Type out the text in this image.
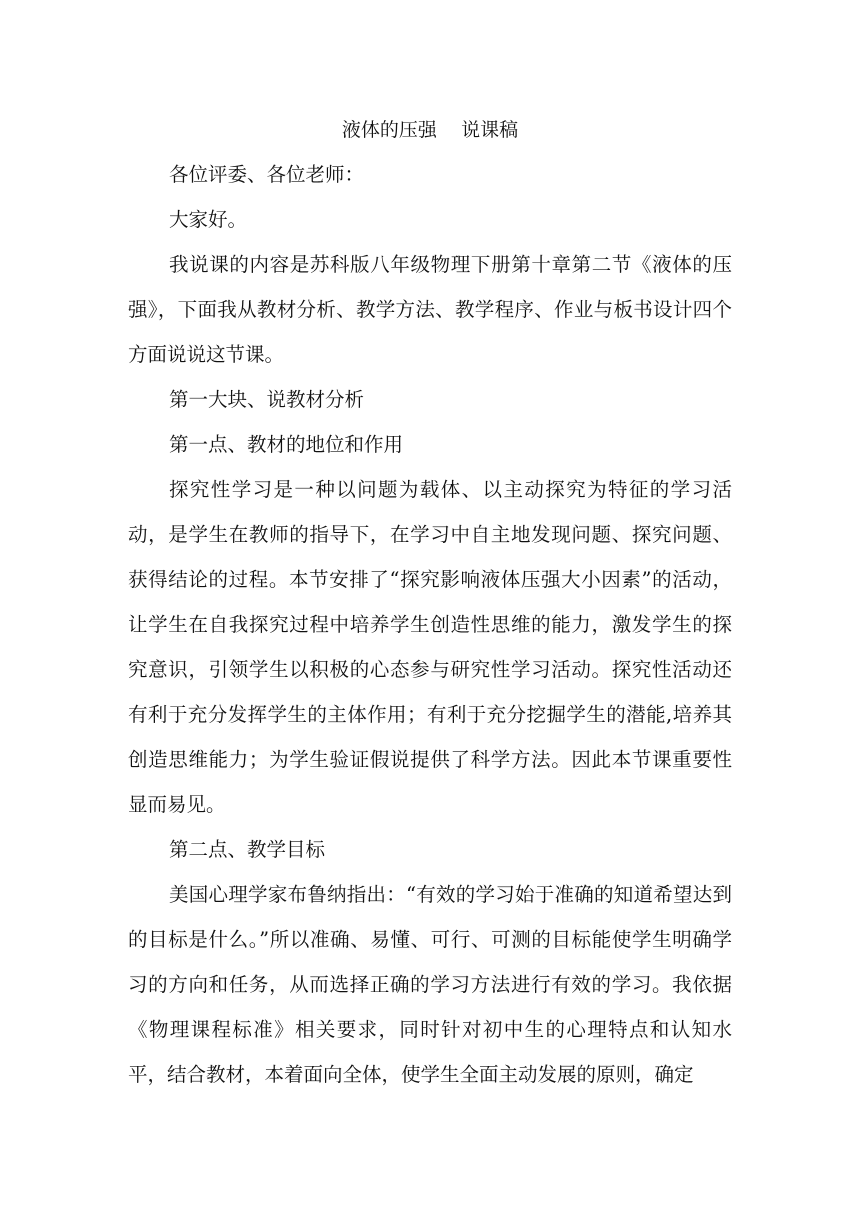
液体的压强    说课稿

各位评委、各位老师：

大家好。

我说课的内容是苏科版八年级物理下册第十章第二节《液体的压强》，下面我从教材分析、教学方法、教学程序、作业与板书设计四个方面说说这节课。

第一大块、说教材分析

第一点、教材的地位和作用

探究性学习是一种以问题为载体、以主动探究为特征的学习活动，是学生在教师的指导下，在学习中自主地发现问题、探究问题、获得结论的过程。本节安排了“探究影响液体压强大小因素”的活动，让学生在自我探究过程中培养学生创造性思维的能力，激发学生的探究意识，引领学生以积极的心态参与研究性学习活动。探究性活动还有利于充分发挥学生的主体作用；有利于充分挖掘学生的潜能,培养其创造思维能力；为学生验证假说提供了科学方法。因此本节课重要性显而易见。

第二点、教学目标

美国心理学家布鲁纳指出：“有效的学习始于准确的知道希望达到的目标是什么。”所以准确、易懂、可行、可测的目标能使学生明确学习的方向和任务，从而选择正确的学习方法进行有效的学习。我依据《物理课程标准》相关要求，同时针对初中生的心理特点和认知水平，结合教材，本着面向全体，使学生全面主动发展的原则，确定
